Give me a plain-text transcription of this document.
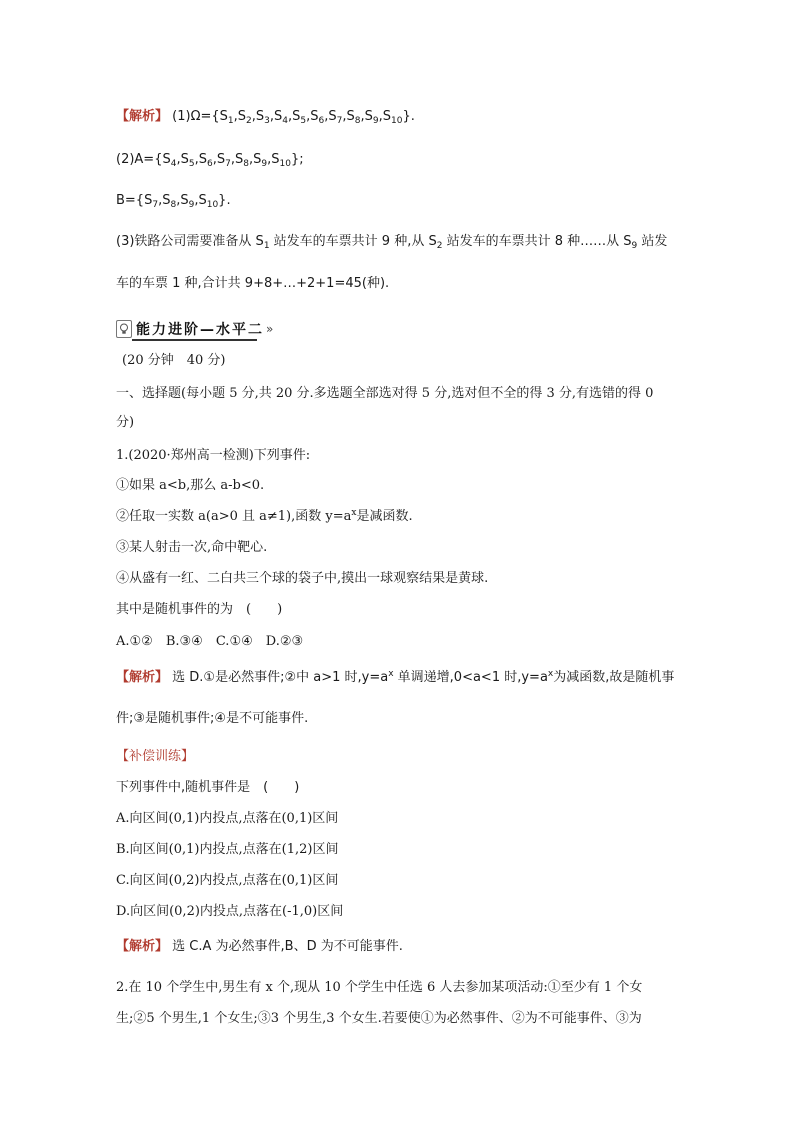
【解析】 $(1)\Omega=\{S_1,S_2,S_3,S_4,S_5,S_6,S_7,S_8,S_9,S_{10}\}$.
$(2)A=\{S_4,S_5,S_6,S_7,S_8,S_9,S_{10}\}$;
$B=\{S_7,S_8,S_9,S_{10}\}$.
(3)铁路公司需要准备从 $S_1$ 站发车的车票共计 9 种,从 $S_2$ 站发车的车票共计 8 种……从 $S_9$ 站发
车的车票 1 种,合计共 9+8+…+2+1=45(种).
能力进阶—水平二 »
(20 分钟　40 分)
一、选择题(每小题 5 分,共 20 分.多选题全部选对得 5 分,选对但不全的得 3 分,有选错的得 0
分)
1.(2020·郑州高一检测)下列事件:
①如果 a<b,那么 a-b<0.
②任取一实数 a(a>0 且 a≠1),函数 $y=a^x$是减函数.
③某人射击一次,命中靶心.
④从盛有一红、二白共三个球的袋子中,摸出一球观察结果是黄球.
其中是随机事件的为　(　　)
A.①②　B.③④　C.①④　D.②③
【解析】 选 D.①是必然事件;②中 a>1 时$,y=a^x$ 单调递增,0<a<1 时$,y=a^x$为减函数,故是随机事
件;③是随机事件;④是不可能事件.
【补偿训练】
下列事件中,随机事件是　(　　)
A.向区间(0,1)内投点,点落在(0,1)区间
B.向区间(0,1)内投点,点落在(1,2)区间
C.向区间(0,2)内投点,点落在(0,1)区间
D.向区间(0,2)内投点,点落在(-1,0)区间
【解析】 选 C.A 为必然事件,B、D 为不可能事件.
2.在 10 个学生中,男生有 x 个,现从 10 个学生中任选 6 人去参加某项活动:①至少有 1 个女
生;②5 个男生,1 个女生;③3 个男生,3 个女生.若要使①为必然事件、②为不可能事件、③为
